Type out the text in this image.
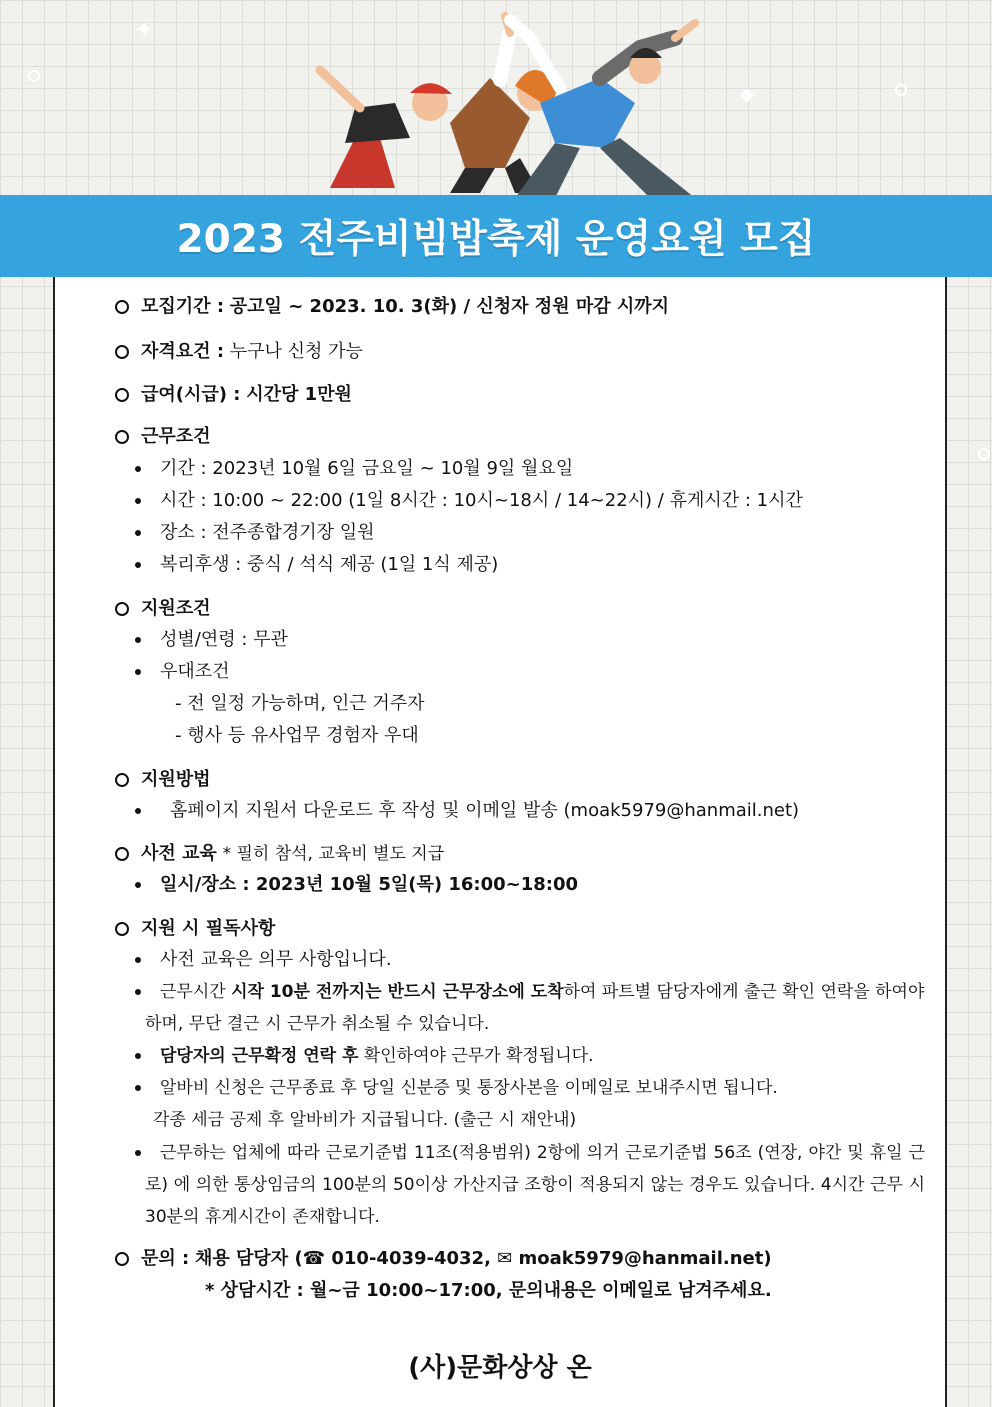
✦
◆
2023 전주비빔밥축제 운영요원 모집
모집기간 :
공고일 ~ 2023. 10. 3(화) / 신청자 정원 마감 시까지
자격요건 :
누구나 신청 가능
급여(시급) :
시간당 1만원
근무조건
기간 : 2023년 10월 6일 금요일 ~ 10월 9일 월요일
시간 : 10:00 ~ 22:00 (1일 8시간 : 10시~18시 / 14~22시) / 휴게시간 : 1시간
장소 : 전주종합경기장 일원
복리후생 : 중식 / 석식 제공 (1일 1식 제공)
지원조건
성별/연령 : 무관
우대조건
- 전 일정 가능하며, 인근 거주자
- 행사 등 유사업무 경험자 우대
지원방법
홈페이지 지원서 다운로드 후 작성 및 이메일 발송 (moak5979@hanmail.net)
사전 교육
* 필히 참석, 교육비 별도 지급
일시/장소 : 2023년 10월 5일(목) 16:00~18:00
지원 시 필독사항
사전 교육은 의무 사항입니다.
근무시간 시작 10분 전까지는 반드시 근무장소에 도착하여 파트별 담당자에게 출근 확인 연락을 하여야 하며, 무단 결근 시 근무가 취소될 수 있습니다.
담당자의 근무확정 연락 후 확인하여야 근무가 확정됩니다.
알바비 신청은 근무종료 후 당일 신분증 및 통장사본을 이메일로 보내주시면 됩니다.
각종 세금 공제 후 알바비가 지급됩니다. (출근 시 재안내)
근무하는 업체에 따라 근로기준법 11조(적용범위) 2항에 의거 근로기준법 56조 (연장, 야간 및 휴일 근로) 에 의한 통상임금의 100분의 50이상 가산지급 조항이 적용되지 않는 경우도 있습니다. 4시간 근무 시 30분의 휴게시간이 존재합니다.
문의 :
채용 담당자 (☎ 010-4039-4032, ✉ moak5979@hanmail.net)
* 상담시간 : 월~금 10:00~17:00, 문의내용은 이메일로 남겨주세요.
(사)문화상상 온
